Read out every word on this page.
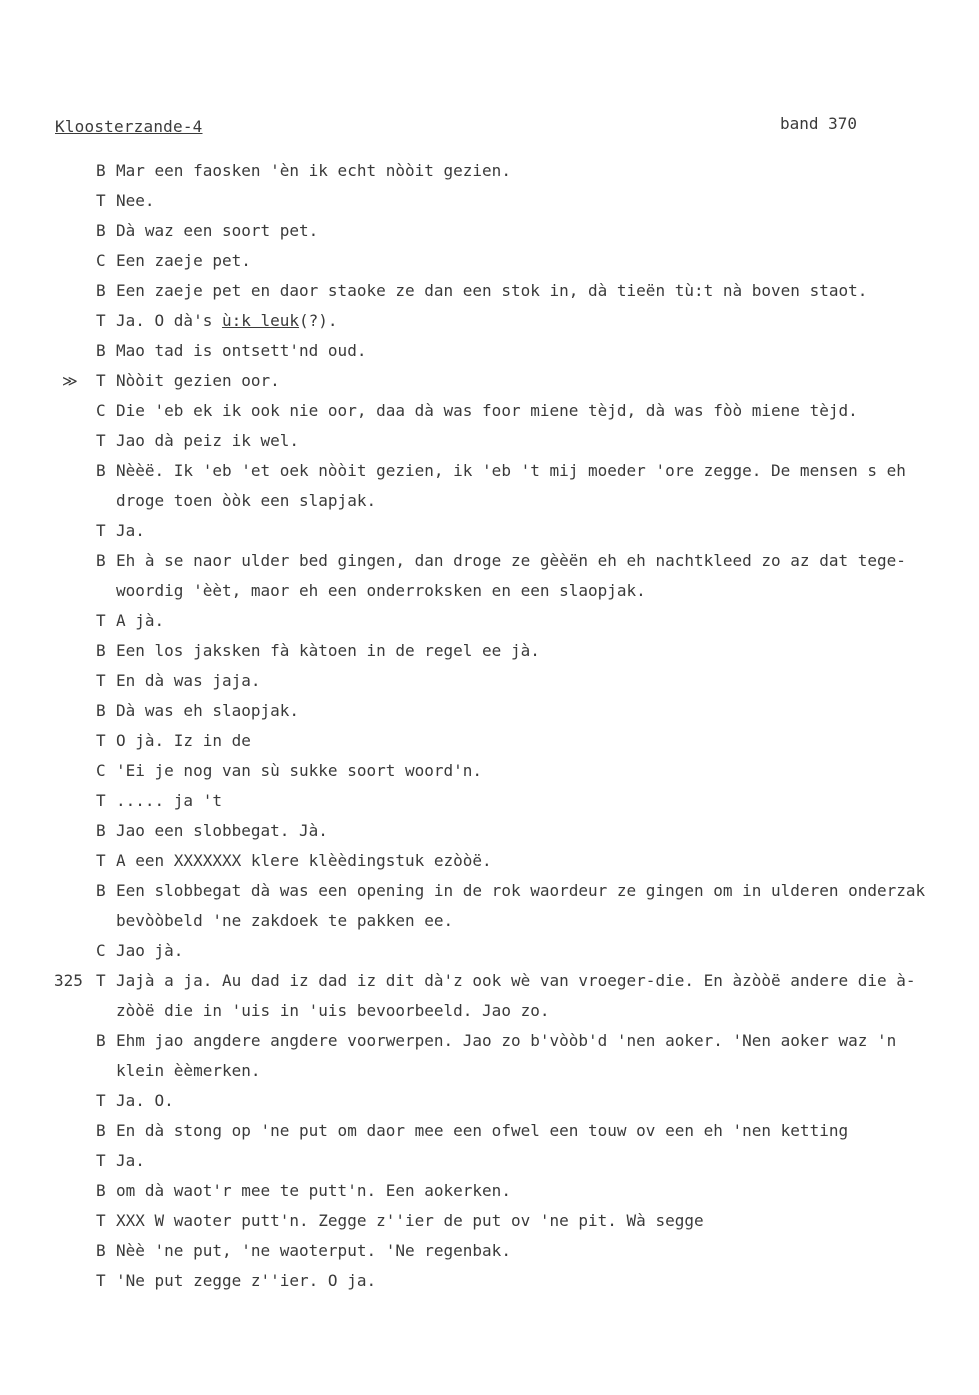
Kloosterzande-4	band 370
B Mar een faosken 'èn ik echt nòòit gezien.
T Nee.
B Dà waz een soort pet.
C Een zaeje pet.
B Een zaeje pet en daor staoke ze dan een stok in, dà tieën tù:t nà boven staot.
T Ja. O dà's ù:k leuk(?).
B Mao tad is ontsett'nd oud.
≫ T Nòòit gezien oor.
C Die 'eb ek ik ook nie oor, daa dà was foor miene tèjd, dà was fòò miene tèjd.
T Jao dà peiz ik wel.
B Nèèë. Ik 'eb 'et oek nòòit gezien, ik 'eb 't mij moeder 'ore zegge. De mensen s eh
droge toen òòk een slapjak.
T Ja.
B Eh à se naor ulder bed gingen, dan droge ze gèèën eh eh nachtkleed zo az dat tege-
woordig 'èèt, maor eh een onderroksken en een slaopjak.
T A jà.
B Een los jaksken fà kàtoen in de regel ee jà.
T En dà was jaja.
B Dà was eh slaopjak.
T O jà. Iz in de
C 'Ei je nog van sù sukke soort woord'n.
T ..... ja 't
B Jao een slobbegat. Jà.
T A een XXXXXXX klere klèèdingstuk ezòòë.
B Een slobbegat dà was een opening in de rok waordeur ze gingen om in ulderen onderzak
bevòòbeld 'ne zakdoek te pakken ee.
C Jao jà.
325 T Jajà a ja. Au dad iz dad iz dit dà'z ook wè van vroeger-die. En àzòòë andere die à-
zòòë die in 'uis in 'uis bevoorbeeld. Jao zo.
B Ehm jao angdere angdere voorwerpen. Jao zo b'vòòb'd 'nen aoker. 'Nen aoker waz 'n
klein èèmerken.
T Ja. O.
B En dà stong op 'ne put om daor mee een ofwel een touw ov een eh 'nen ketting
T Ja.
B om dà waot'r mee te putt'n. Een aokerken.
T XXX W waoter putt'n. Zegge z''ier de put ov 'ne pit. Wà segge
B Nèè 'ne put, 'ne waoterput. 'Ne regenbak.
T 'Ne put zegge z''ier. O ja.
